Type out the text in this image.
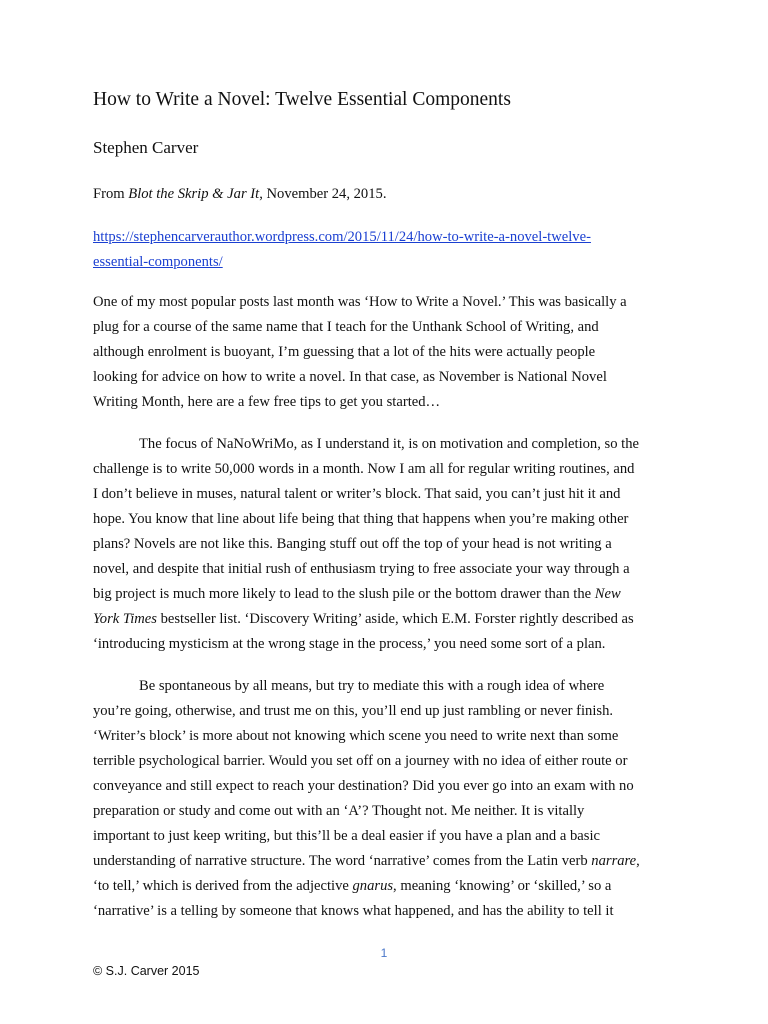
How to Write a Novel: Twelve Essential Components
Stephen Carver
From Blot the Skrip & Jar It, November 24, 2015.
https://stephencarverauthor.wordpress.com/2015/11/24/how-to-write-a-novel-twelve-
essential-components/
One of my most popular posts last month was ‘How to Write a Novel.’ This was basically a
plug for a course of the same name that I teach for the Unthank School of Writing, and
although enrolment is buoyant, I’m guessing that a lot of the hits were actually people
looking for advice on how to write a novel. In that case, as November is National Novel
Writing Month, here are a few free tips to get you started…
The focus of NaNoWriMo, as I understand it, is on motivation and completion, so the
challenge is to write 50,000 words in a month. Now I am all for regular writing routines, and
I don’t believe in muses, natural talent or writer’s block. That said, you can’t just hit it and
hope. You know that line about life being that thing that happens when you’re making other
plans? Novels are not like this. Banging stuff out off the top of your head is not writing a
novel, and despite that initial rush of enthusiasm trying to free associate your way through a
big project is much more likely to lead to the slush pile or the bottom drawer than the New
York Times bestseller list. ‘Discovery Writing’ aside, which E.M. Forster rightly described as
‘introducing mysticism at the wrong stage in the process,’ you need some sort of a plan.
Be spontaneous by all means, but try to mediate this with a rough idea of where
you’re going, otherwise, and trust me on this, you’ll end up just rambling or never finish.
‘Writer’s block’ is more about not knowing which scene you need to write next than some
terrible psychological barrier. Would you set off on a journey with no idea of either route or
conveyance and still expect to reach your destination? Did you ever go into an exam with no
preparation or study and come out with an ‘A’? Thought not. Me neither. It is vitally
important to just keep writing, but this’ll be a deal easier if you have a plan and a basic
understanding of narrative structure. The word ‘narrative’ comes from the Latin verb narrare,
‘to tell,’ which is derived from the adjective gnarus, meaning ‘knowing’ or ‘skilled,’ so a
‘narrative’ is a telling by someone that knows what happened, and has the ability to tell it
1
© S.J. Carver 2015
